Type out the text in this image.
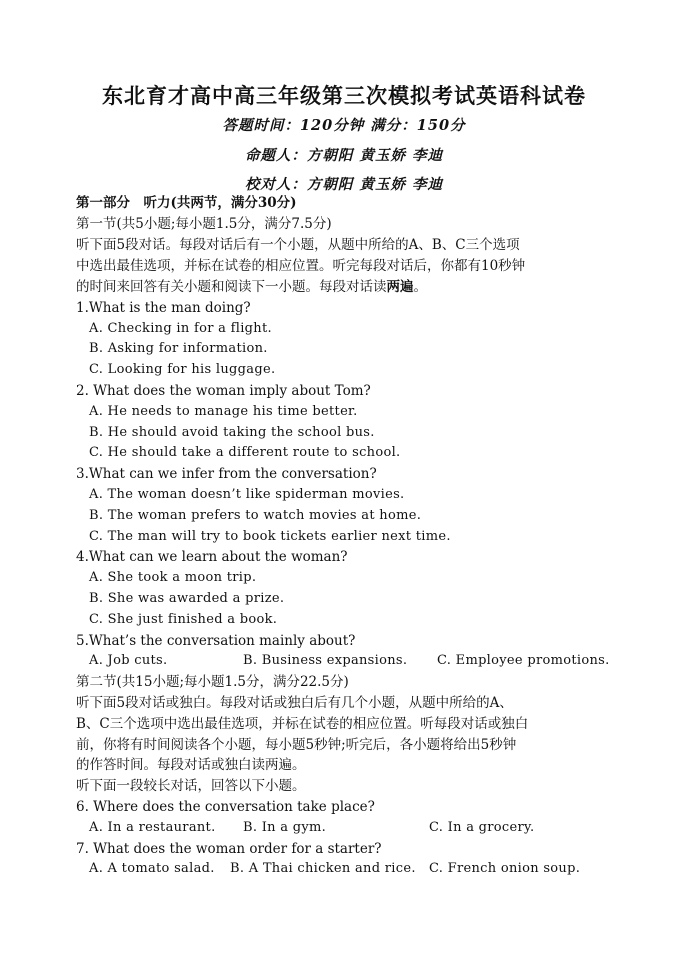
东北育才高中高三年级第三次模拟考试英语科试卷
答题时间：120分钟 满分：150分
命题人：方朝阳 黄玉娇 李迪
校对人：方朝阳 黄玉娇 李迪
第一部分　听力(共两节，满分30分)
第一节(共5小题;每小题1.5分，满分7.5分)
听下面5段对话。每段对话后有一个小题，从题中所给的A、B、C三个选项
中选出最佳选项，并标在试卷的相应位置。听完每段对话后，你都有10秒钟
的时间来回答有关小题和阅读下一小题。每段对话读两遍。
1.What is the man doing?
A. Checking in for a flight.
B. Asking for information.
C. Looking for his luggage.
2. What does the woman imply about Tom?
A. He needs to manage his time better.
B. He should avoid taking the school bus.
C. He should take a different route to school.
3.What can we infer from the conversation?
A. The woman doesn’t like spiderman movies.
B. The woman prefers to watch movies at home.
C. The man will try to book tickets earlier next time.
4.What can we learn about the woman?
A. She took a moon trip.
B. She was awarded a prize.
C. She just finished a book.
5.What’s the conversation mainly about?
A. Job cuts.	B. Business expansions. C. Employee promotions.
第二节(共15小题;每小题1.5分，满分22.5分)
听下面5段对话或独白。每段对话或独白后有几个小题，从题中所给的A、
B、C三个选项中选出最佳选项，并标在试卷的相应位置。听每段对话或独白
前，你将有时间阅读各个小题，每小题5秒钟;听完后，各小题将给出5秒钟
的作答时间。每段对话或独白读两遍。
听下面一段较长对话，回答以下小题。
6. Where does the conversation take place?
A. In a restaurant. B. In a gym.	C. In a grocery.
7. What does the woman order for a starter?
A. A tomato salad. B. A Thai chicken and rice. C. French onion soup.
